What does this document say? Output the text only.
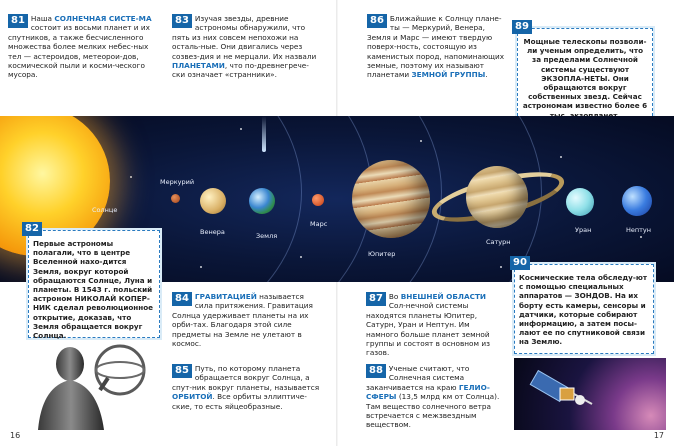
81 Наша СОЛНЕЧНАЯ СИСТЕ-МА состоит из восьми планет и их спутников, а также бесчисленного множества более мелких небес-ных тел — астероидов, метеорои-дов, космической пыли и косми-ческого мусора.
83 Изучая звезды, древние астрономы обнаружили, что пять из них совсем непохожи на осталь-ные. Они двигались через созвез-дия и не мерцали. Их назвали ПЛАНЕТАМИ, что по-древнегрече-ски означает «странники».
86 Ближайшие к Солнцу плане-ты — Меркурий, Венера, Земля и Марс — имеют твердую поверх-ность, состоящую из каменистых пород, напоминающих земные, поэтому их называют планетами ЗЕМНОЙ ГРУППЫ.
Мощные телескопы позволи-ли ученым определить, что за пределами Солнечной системы существуют ЭКЗОПЛА-НЕТЫ. Они обращаются вокруг собственных звезд. Сейчас астрономам известно более 6
89
Солнце
Меркурий
Венера	Земля
Марс
Юпитер
Сатурн
Уран	Нептун
Первые астрономы полагали, что в центре Вселенной нахо-дится Земля, вокруг которой обращаются Солнце, Луна и планеты. В 1543 г. польский астроном НИКОЛАЙ КОПЕР-НИК сделал революционное открытие, доказав, что Земля обращается вокруг Солнца.
82
84 ГРАВИТАЦИЕЙ называется сила притяжения. Гравитация Солнца удерживает планеты на их орби-тах. Благодаря этой силе предметы на Земле не улетают в космос.
85 Путь, по которому планета обращается вокруг Солнца, а спут-ник вокруг планеты, называется ОРБИТОЙ. Все орбиты эллиптиче-ские, то есть яйцеобразные.
87 Во ВНЕШНЕЙ ОБЛАСТИ Сол-нечной системы находятся планеты Юпитер, Сатурн, Уран и Нептун. Им намного больше планет земной группы и состоят в основном из газов.
88 Ученые считают, что Солнечная система заканчивается на краю ГЕЛИО-СФЕРЫ (13,5 млрд км от Солнца). Там вещество солнечного ветра встречается с межзвездным веществом.
Космические тела обследу-ют с помощью специальных аппаратов — ЗОНДОВ. На их борту есть камеры, сенсоры и датчики, которые собирают информацию, а затем посы-лают ее по спутниковой связи на Землю.
90
16	17
